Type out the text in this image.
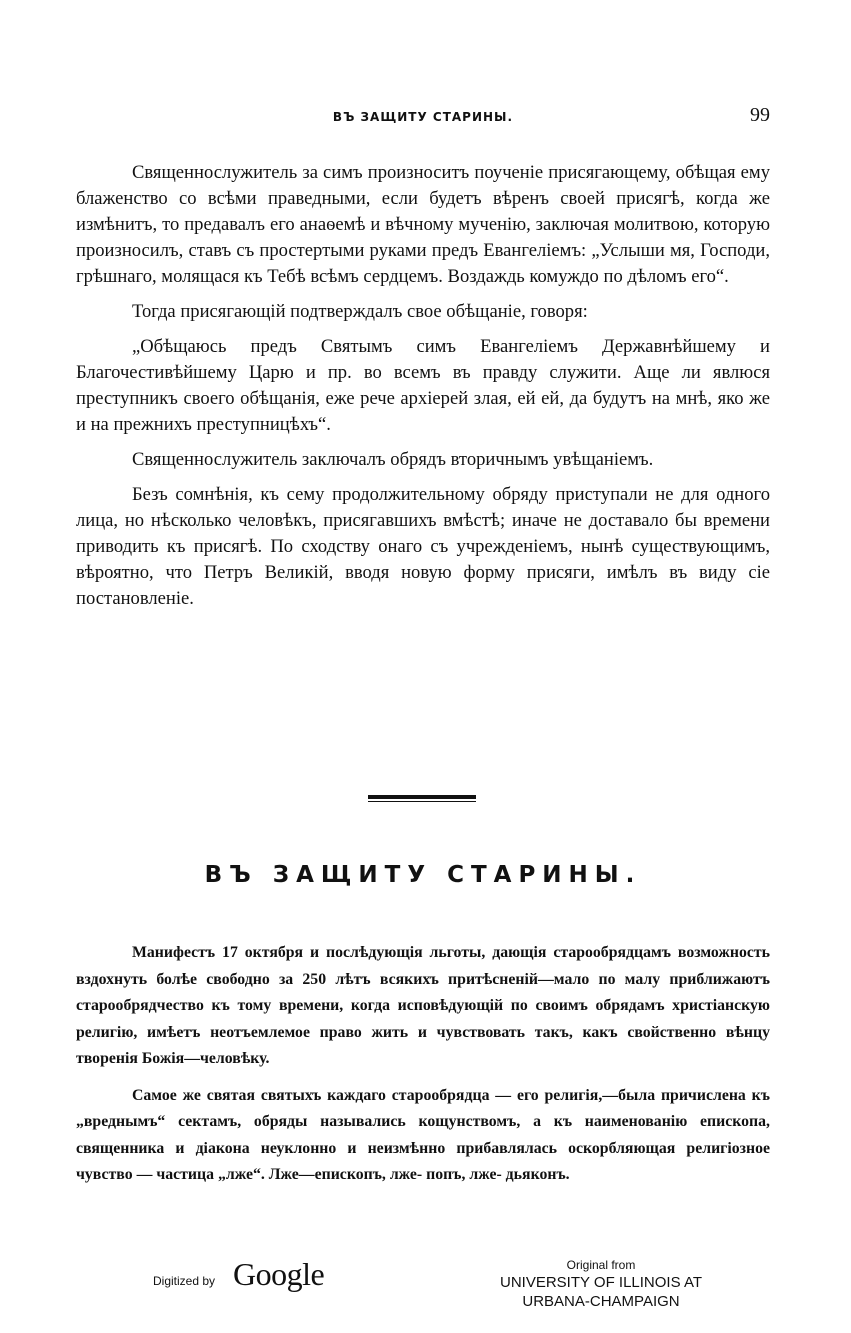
ВЪ ЗАЩИТУ СТАРИНЫ.	99

Священнослужитель за симъ произноситъ поученіе присягающему, обѣщая ему блаженство со всѣми праведными, если будетъ вѣренъ своей присягѣ, когда же измѣнитъ, то предавалъ его анаѳемѣ и вѣчному мученію, заключая молитвою, которую произносилъ, ставъ съ простертыми руками предъ Евангеліемъ: „Услыши мя, Господи, грѣшнаго, молящася къ Тебѣ всѣмъ сердцемъ. Воздаждь комуждо по дѣломъ его“.

Тогда присягающій подтверждалъ свое обѣщаніе, говоря:

„Обѣщаюсь предъ Святымъ симъ Евангеліемъ Державнѣйшему и Благочестивѣйшему Царю и пр. во всемъ въ правду служити. Аще ли явлюся преступникъ своего обѣщанія, еже рече архіерей злая, ей ей, да будутъ на мнѣ, яко же и на прежнихъ преступницѣхъ“.

Священнослужитель заключалъ обрядъ вторичнымъ увѣщаніемъ.

Безъ сомнѣнія, къ сему продолжительному обряду приступали не для одного лица, но нѣсколько человѣкъ, присягавшихъ вмѣстѣ; иначе не доставало бы времени приводить къ присягѣ. По сходству онаго съ учрежденіемъ, нынѣ существующимъ, вѣроятно, что Петръ Великій, вводя новую форму присяги, имѣлъ въ виду сіе постановленіе.

ВЪ ЗАЩИТУ СТАРИНЫ.

Манифестъ 17 октября и послѣдующія льготы, дающія старообрядцамъ возможность вздохнуть болѣе свободно за 250 лѣтъ всякихъ притѣсненій—мало по малу приближаютъ старообрядчество къ тому времени, когда исповѣдующій по своимъ обрядамъ христіанскую религію, имѣетъ неотъемлемое право жить и чувствовать такъ, какъ свойственно вѣнцу творенія Божія—человѣку.

Самое же святая святыхъ каждаго старообрядца — его религія,—была причислена къ „вреднымъ“ сектамъ, обряды назывались кощунствомъ, а къ наименованію епископа, священника и діакона неуклонно и неизмѣнно прибавлялась оскорбляющая религіозное чувство — частица „лже“. Лже—епископъ, лже- попъ, лже- дьяконъ.

Digitized by Google	Original from
UNIVERSITY OF ILLINOIS AT
URBANA-CHAMPAIGN
